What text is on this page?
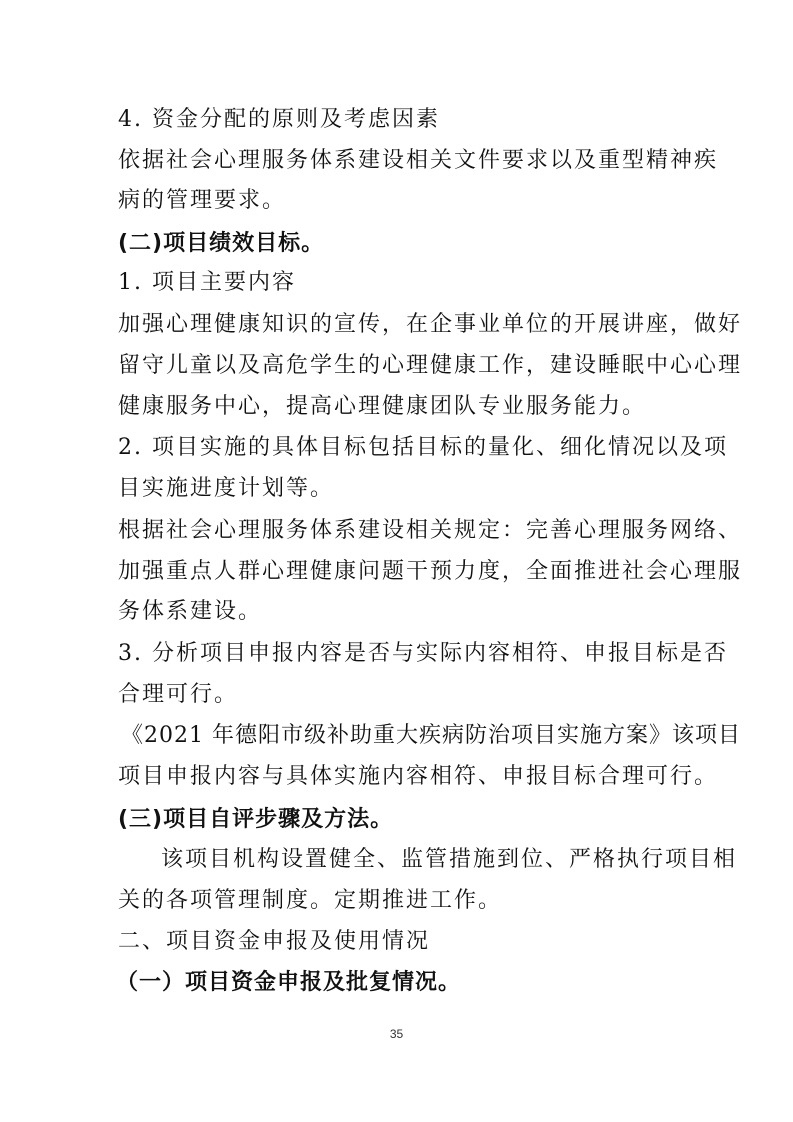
4. 资金分配的原则及考虑因素
依据社会心理服务体系建设相关文件要求以及重型精神疾
病的管理要求。
(二)项目绩效目标。
1. 项目主要内容
加强心理健康知识的宣传，在企事业单位的开展讲座，做好
留守儿童以及高危学生的心理健康工作，建设睡眠中心心理
健康服务中心，提高心理健康团队专业服务能力。
2. 项目实施的具体目标包括目标的量化、细化情况以及项
目实施进度计划等。
根据社会心理服务体系建设相关规定：完善心理服务网络、
加强重点人群心理健康问题干预力度，全面推进社会心理服
务体系建设。
3. 分析项目申报内容是否与实际内容相符、申报目标是否
合理可行。
《2021 年德阳市级补助重大疾病防治项目实施方案》该项目
项目申报内容与具体实施内容相符、申报目标合理可行。
(三)项目自评步骤及方法。
该项目机构设置健全、监管措施到位、严格执行项目相
关的各项管理制度。定期推进工作。
二、项目资金申报及使用情况
（一）项目资金申报及批复情况。
35
